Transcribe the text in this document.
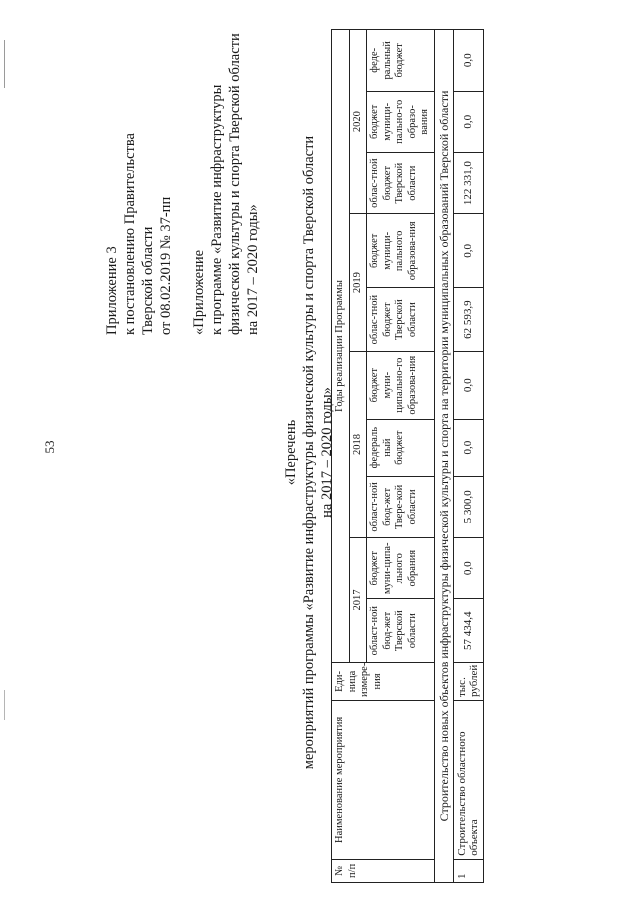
53
Приложение 3 к постановлению Правительства Тверской области от 08.02.2019 № 37-пп «Приложение к программе «Развитие инфраструктуры физической культуры и спорта Тверской области на 2017 – 2020 годы»
«Перечень мероприятий программы «Развитие инфраструктуры физической культуры и спорта Тверской области на 2017 – 2020 годы»
№ п/п	Наименование мероприятия	Еди-ница измере-ния	Годы реализации Программы									
			2017		2018			2019		2020		
			област-ной бюд-жет Тверской области	бюджет муни-ципа-льного обрания	област-ной бюд-жет Твере-кой области	федераль ный бюджет	бюджет муни-ципально-го образова-ния	облас-тной бюджет Тверской области	бюджет муници-пального образова-ния	облас-тной бюджет Тверской области	бюджет муници-пально-го образо-вания	феде-ральный бюджет
Строительство новых объектов инфраструктуры физической культуры и спорта на территории муниципальных образований Тверской области												
1	Строительство областного объекта	тыс. рублей	57 434,4	0,0	5 300,0	0,0	0,0	62 593,9	0,0	122 331,0	0,0	0,0
